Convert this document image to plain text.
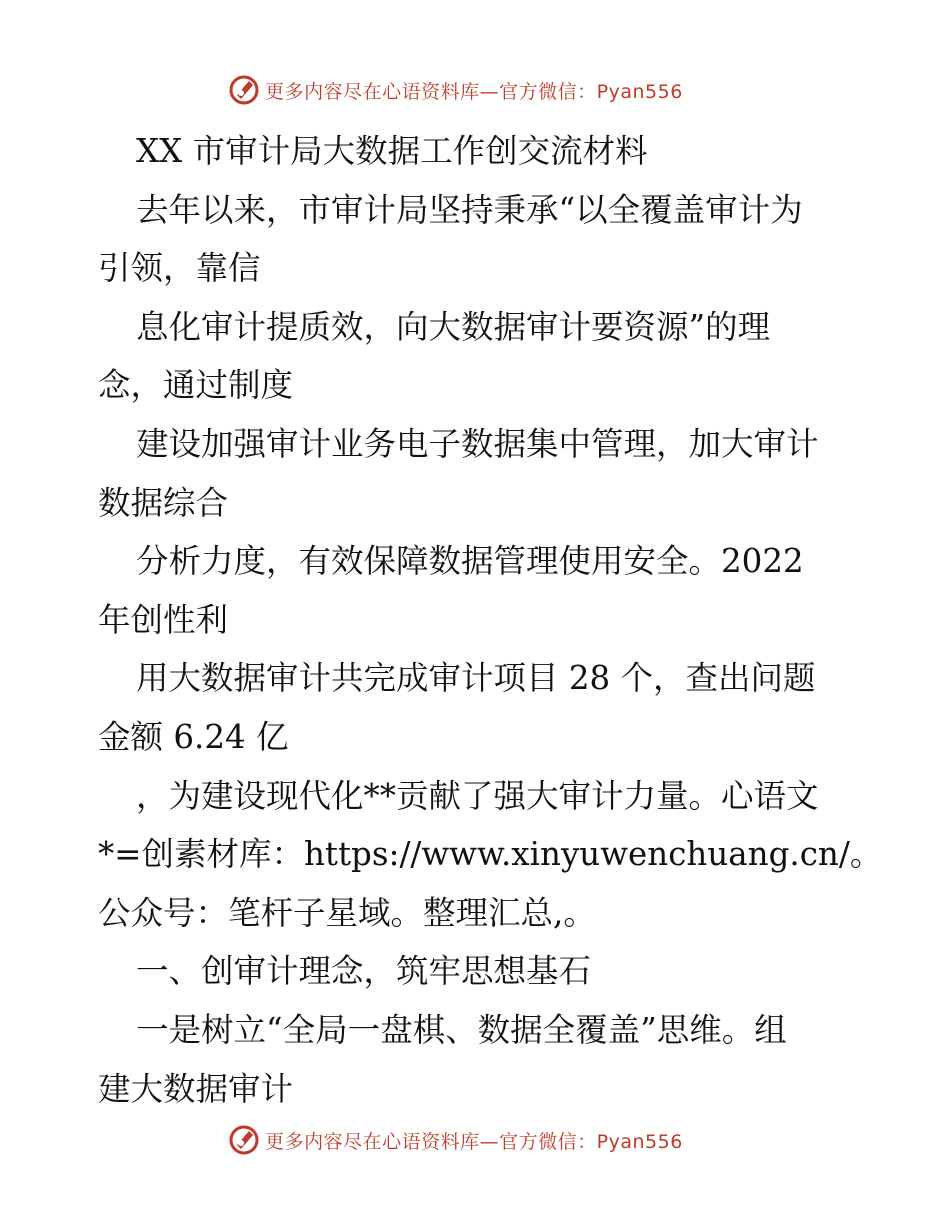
更多内容尽在心语资料库—官方微信：Pyan556
XX 市审计局大数据工作创交流材料
去年以来，市审计局坚持秉承“以全覆盖审计为
引领，靠信
息化审计提质效，向大数据审计要资源”的理
念，通过制度
建设加强审计业务电子数据集中管理，加大审计
数据综合
分析力度，有效保障数据管理使用安全。2022
年创性利
用大数据审计共完成审计项目 28 个，查出问题
金额 6.24 亿
，为建设现代化**贡献了强大审计力量。心语文
*=创素材库：https://www.xinyuwenchuang.cn/。
公众号：笔杆子星域。整理汇总,。
一、创审计理念，筑牢思想基石
一是树立“全局一盘棋、数据全覆盖”思维。组
建大数据审计
更多内容尽在心语资料库—官方微信：Pyan556
